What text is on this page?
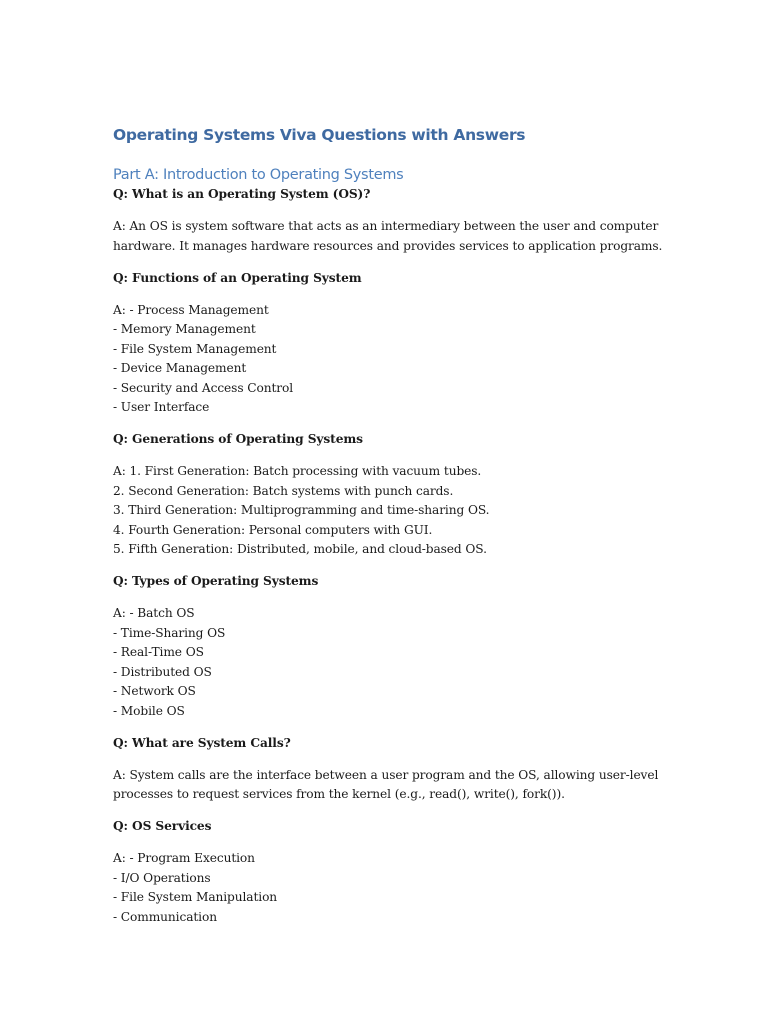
Operating Systems Viva Questions with Answers
Part A: Introduction to Operating Systems

Q: What is an Operating System (OS)?

A: An OS is system software that acts as an intermediary between the user and computer
hardware. It manages hardware resources and provides services to application programs.

Q: Functions of an Operating System

A: - Process Management
- Memory Management
- File System Management
- Device Management
- Security and Access Control
- User Interface

Q: Generations of Operating Systems

A: 1. First Generation: Batch processing with vacuum tubes.
2. Second Generation: Batch systems with punch cards.
3. Third Generation: Multiprogramming and time-sharing OS.
4. Fourth Generation: Personal computers with GUI.
5. Fifth Generation: Distributed, mobile, and cloud-based OS.

Q: Types of Operating Systems

A: - Batch OS
- Time-Sharing OS
- Real-Time OS
- Distributed OS
- Network OS
- Mobile OS

Q: What are System Calls?

A: System calls are the interface between a user program and the OS, allowing user-level
processes to request services from the kernel (e.g., read(), write(), fork()).

Q: OS Services

A: - Program Execution
- I/O Operations
- File System Manipulation
- Communication
